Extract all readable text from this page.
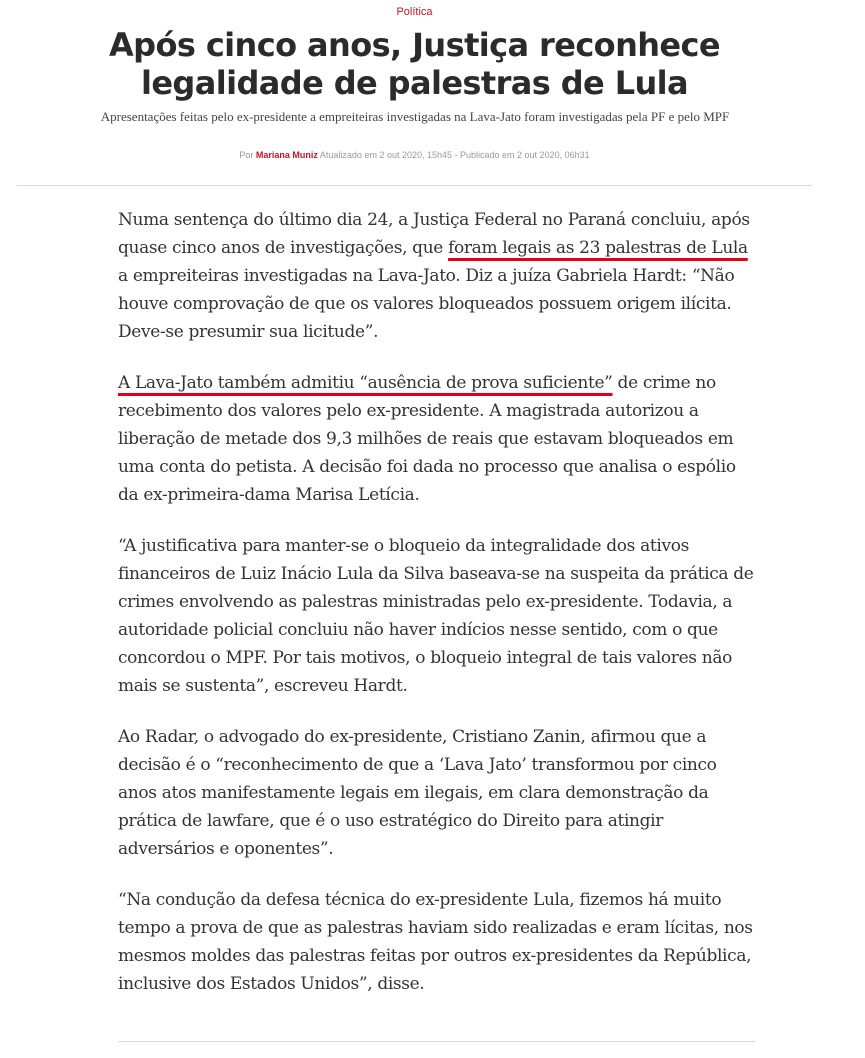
Política
Após cinco anos, Justiça reconhece legalidade de palestras de Lula

Apresentações feitas pelo ex-presidente a empreiteiras investigadas na Lava-Jato foram investigadas pela PF e pelo MPF

Por Mariana Muniz Atualizado em 2 out 2020, 15h45 - Publicado em 2 out 2020, 06h31

Numa sentença do último dia 24, a Justiça Federal no Paraná concluiu, após quase cinco anos de investigações, que foram legais as 23 palestras de Lula a empreiteiras investigadas na Lava-Jato. Diz a juíza Gabriela Hardt: “Não houve comprovação de que os valores bloqueados possuem origem ilícita. Deve-se presumir sua licitude”.

A Lava-Jato também admitiu “ausência de prova suficiente” de crime no recebimento dos valores pelo ex-presidente. A magistrada autorizou a liberação de metade dos 9,3 milhões de reais que estavam bloqueados em uma conta do petista. A decisão foi dada no processo que analisa o espólio da ex-primeira-dama Marisa Letícia.

“A justificativa para manter-se o bloqueio da integralidade dos ativos financeiros de Luiz Inácio Lula da Silva baseava-se na suspeita da prática de crimes envolvendo as palestras ministradas pelo ex-presidente. Todavia, a autoridade policial concluiu não haver indícios nesse sentido, com o que concordou o MPF. Por tais motivos, o bloqueio integral de tais valores não mais se sustenta”, escreveu Hardt.

Ao Radar, o advogado do ex-presidente, Cristiano Zanin, afirmou que a decisão é o “reconhecimento de que a ‘Lava Jato’ transformou por cinco anos atos manifestamente legais em ilegais, em clara demonstração da prática de lawfare, que é o uso estratégico do Direito para atingir adversários e oponentes”.

“Na condução da defesa técnica do ex-presidente Lula, fizemos há muito tempo a prova de que as palestras haviam sido realizadas e eram lícitas, nos mesmos moldes das palestras feitas por outros ex-presidentes da República, inclusive dos Estados Unidos”, disse.
